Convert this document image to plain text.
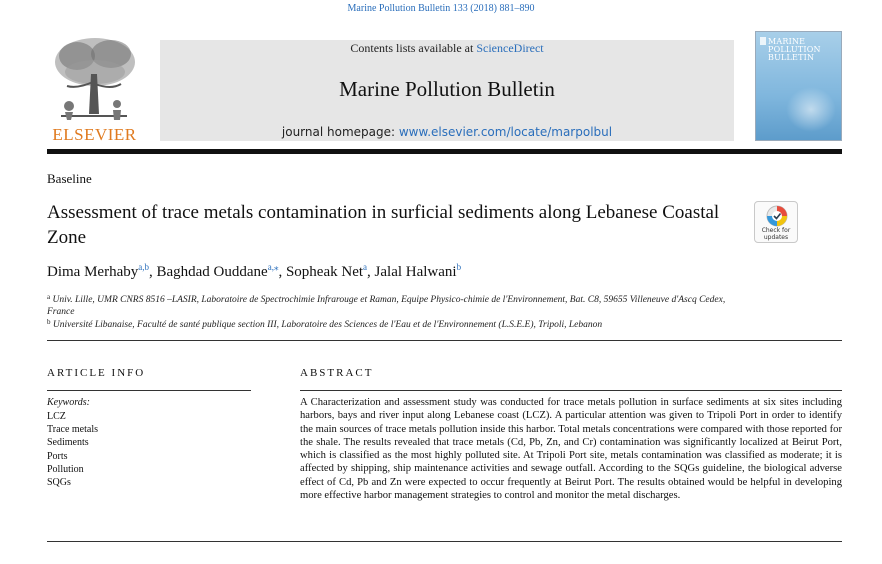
Marine Pollution Bulletin 133 (2018) 881–890
ELSEVIER
Contents lists available at ScienceDirect
Marine Pollution Bulletin
journal homepage: www.elsevier.com/locate/marpolbul
MARINE POLLUTION BULLETIN
Baseline
Assessment of trace metals contamination in surficial sediments along Lebanese Coastal Zone	Check for updates
Dima Merhaby$^{a,b}$, Baghdad Ouddane$^{a,⁎}$, Sopheak Net$^a$, Jalal Halwani$^b$
$^a$ Univ. Lille, UMR CNRS 8516 –LASIR, Laboratoire de Spectrochimie Infrarouge et Raman, Equipe Physico-chimie de l'Environnement, Bat. C8, 59655 Villeneuve d'Ascq Cedex, France
$^b$ Université Libanaise, Faculté de santé publique section III, Laboratoire des Sciences de l'Eau et de l'Environnement (L.S.E.E), Tripoli, Lebanon
ARTICLE INFO
Keywords:
LCZ
Trace metals
Sediments
Ports
Pollution
SQGs
ABSTRACT

A Characterization and assessment study was conducted for trace metals pollution in surface sediments at six sites including harbors, bays and river input along Lebanese coast (LCZ). A particular attention was given to Tripoli Port in order to identify the main sources of trace metals pollution inside this harbor. Total metals concentrations were compared with those reported for the shale. The results revealed that trace metals (Cd, Pb, Zn, and Cr) contamination was significantly localized at Beirut Port, which is classified as the most highly polluted site. At Tripoli Port site, metals contamination was classified as moderate; it is affected by shipping, ship maintenance activities and sewage outfall. According to the SQGs guideline, the biological adverse effect of Cd, Pb and Zn were expected to occur frequently at Beirut Port. The results obtained would be helpful in developing more effective harbor management strategies to control and monitor the metal discharges.
